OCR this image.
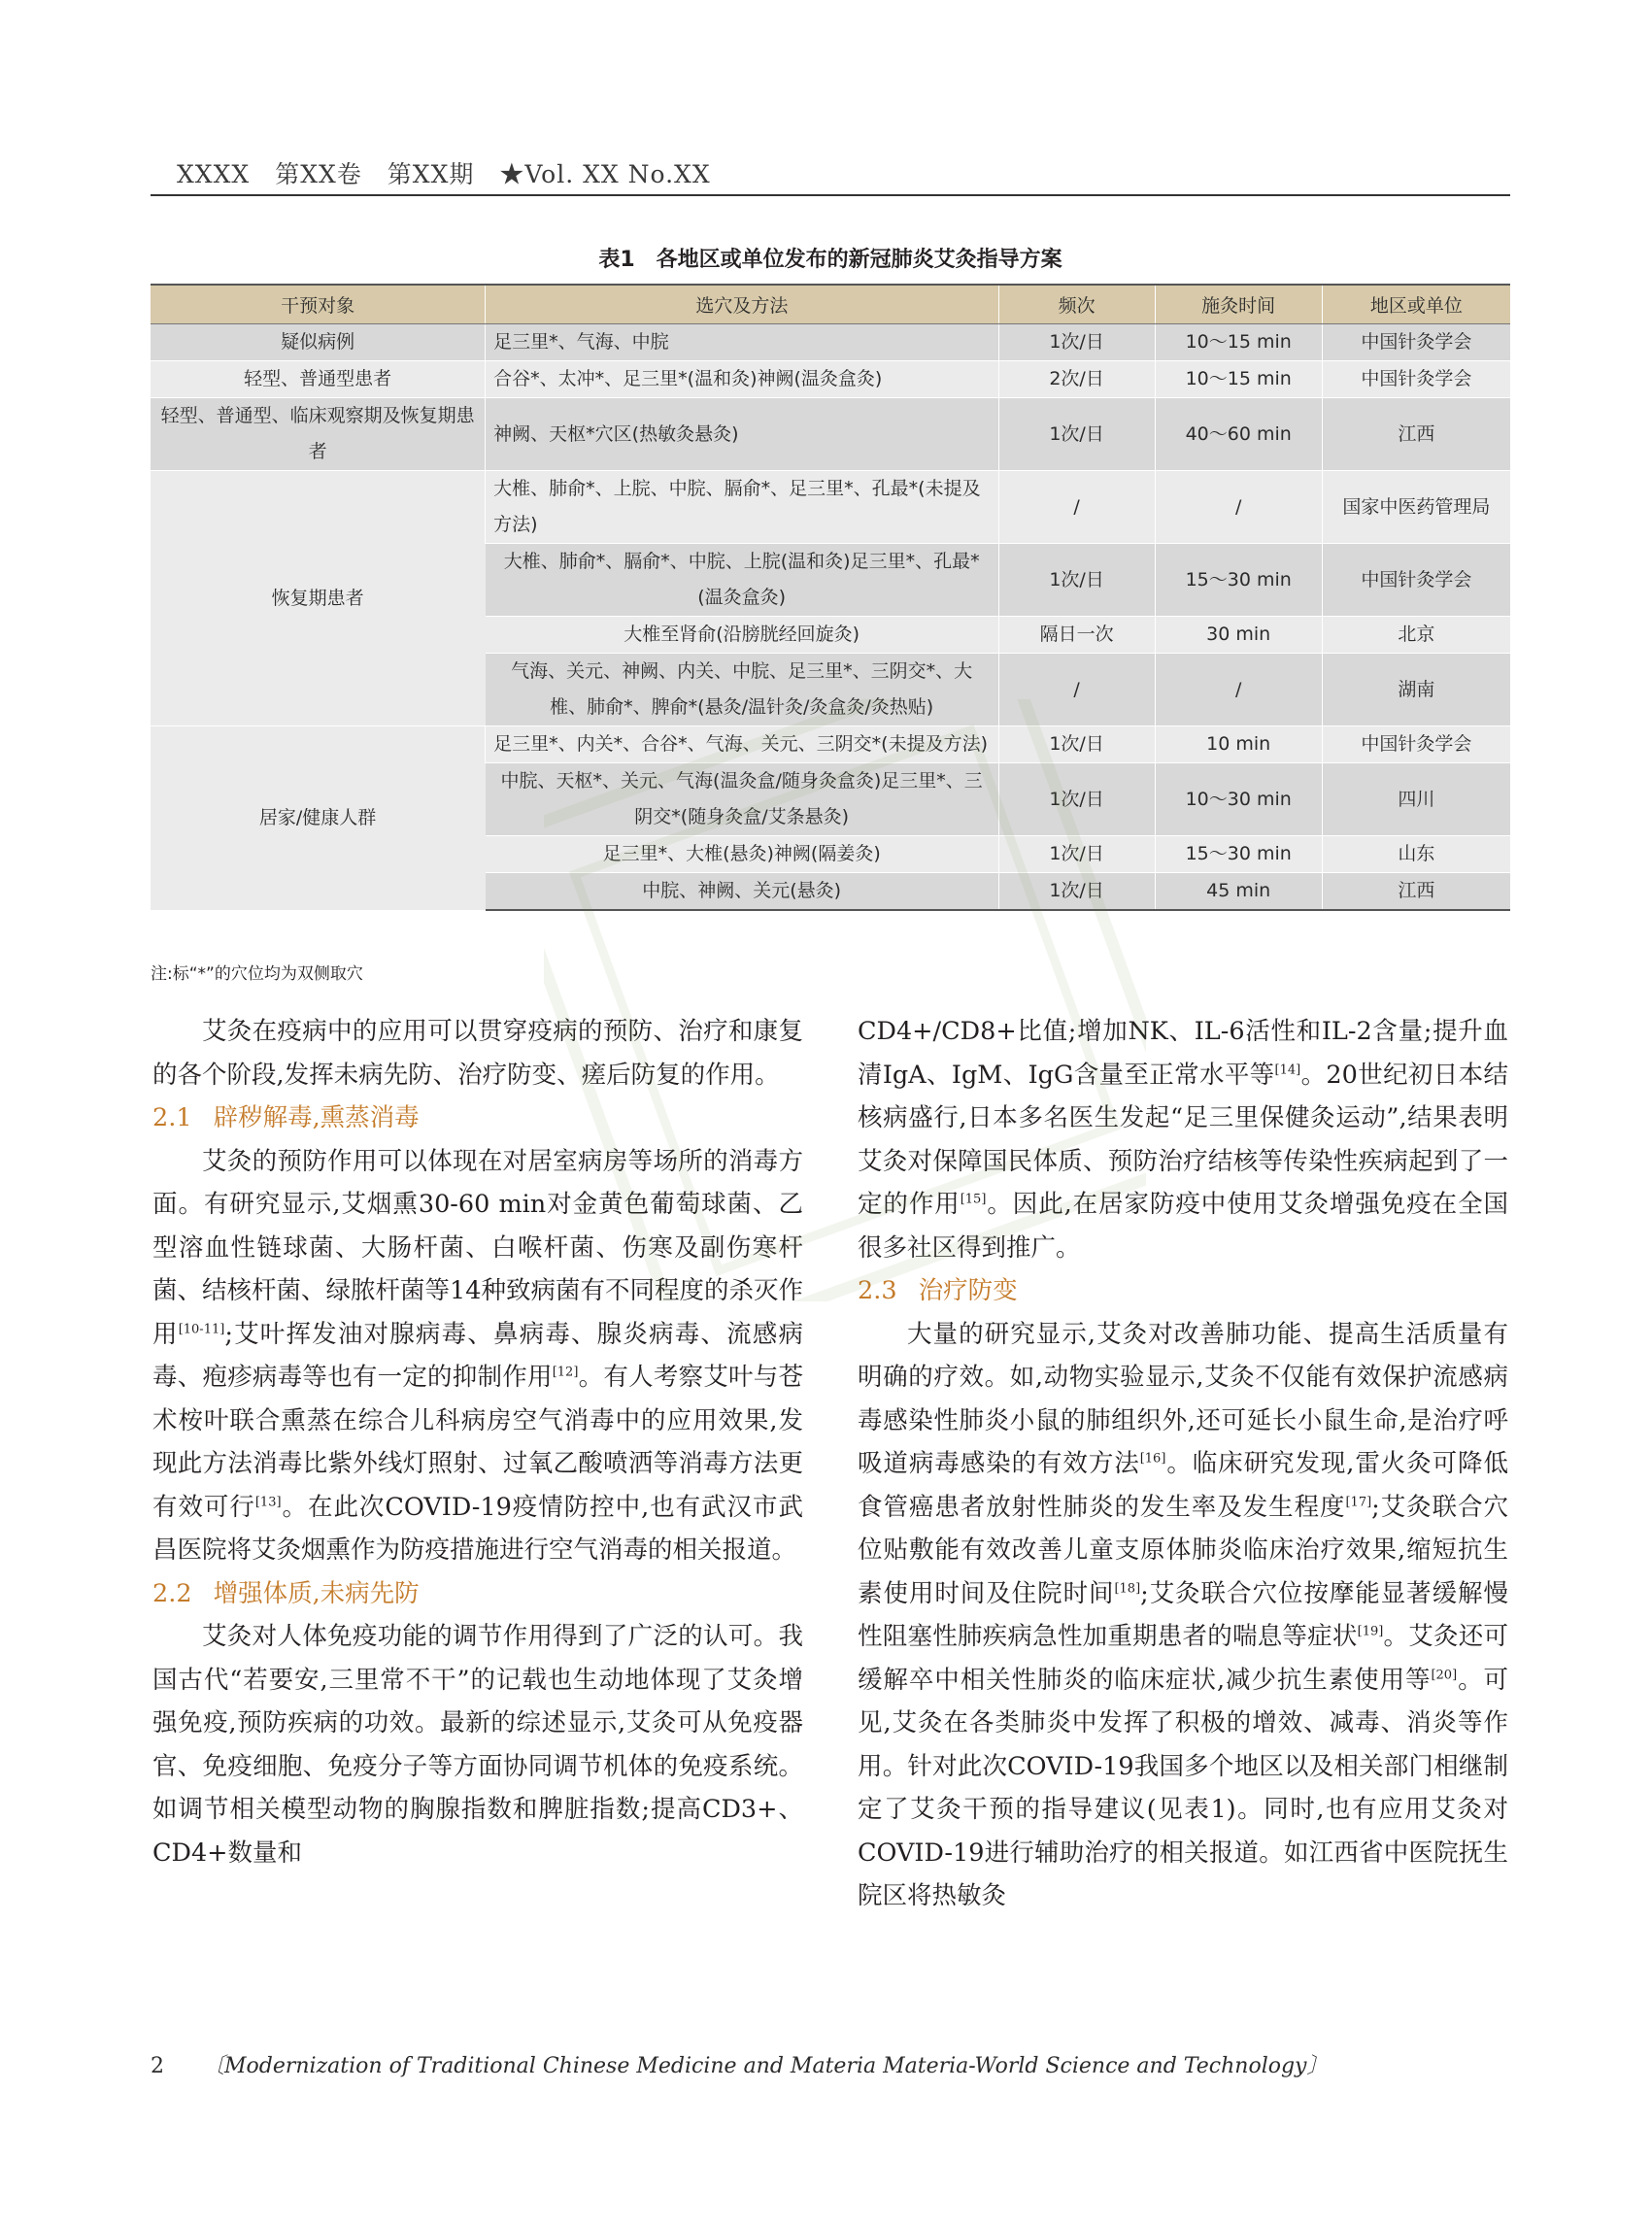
XXXX　第XX卷　第XX期　★Vol. XX No.XX
表1　各地区或单位发布的新冠肺炎艾灸指导方案
干预对象	选穴及方法	频次	施灸时间	地区或单位
疑似病例	足三里*、气海、中脘	1次/日	10～15 min	中国针灸学会
轻型、普通型患者	合谷*、太冲*、足三里*(温和灸)神阙(温灸盒灸)	2次/日	10～15 min	中国针灸学会
轻型、普通型、临床观察期及恢复期患者	神阙、天枢*穴区(热敏灸悬灸)	1次/日	40～60 min	江西
恢复期患者	大椎、肺俞*、上脘、中脘、膈俞*、足三里*、孔最*(未提及方法)	/	/	国家中医药管理局
	大椎、肺俞*、膈俞*、中脘、上脘(温和灸)足三里*、孔最*(温灸盒灸)	1次/日	15～30 min	中国针灸学会
	大椎至肾俞(沿膀胱经回旋灸)	隔日一次	30 min	北京
	气海、关元、神阙、内关、中脘、足三里*、三阴交*、大椎、肺俞*、脾俞*(悬灸/温针灸/灸盒灸/灸热贴)	/	/	湖南
居家/健康人群	足三里*、内关*、合谷*、气海、关元、三阴交*(未提及方法)	1次/日	10 min	中国针灸学会
	中脘、天枢*、关元、气海(温灸盒/随身灸盒灸)足三里*、三阴交*(随身灸盒/艾条悬灸)	1次/日	10～30 min	四川
	足三里*、大椎(悬灸)神阙(隔姜灸)	1次/日	15～30 min	山东
	中脘、神阙、关元(悬灸)	1次/日	45 min	江西
注:标“*”的穴位均为双侧取穴

艾灸在疫病中的应用可以贯穿疫病的预防、治疗和康复的各个阶段,发挥未病先防、治疗防变、瘥后防复的作用。

2.1 辟秽解毒,熏蒸消毒

艾灸的预防作用可以体现在对居室病房等场所的消毒方面。有研究显示,艾烟熏30-60 min对金黄色葡萄球菌、乙型溶血性链球菌、大肠杆菌、白喉杆菌、伤寒及副伤寒杆菌、结核杆菌、绿脓杆菌等14种致病菌有不同程度的杀灭作用[10-11];艾叶挥发油对腺病毒、鼻病毒、腺炎病毒、流感病毒、疱疹病毒等也有一定的抑制作用[12]。有人考察艾叶与苍术桉叶联合熏蒸在综合儿科病房空气消毒中的应用效果,发现此方法消毒比紫外线灯照射、过氧乙酸喷洒等消毒方法更有效可行[13]。在此次COVID-19疫情防控中,也有武汉市武昌医院将艾灸烟熏作为防疫措施进行空气消毒的相关报道。

2.2 增强体质,未病先防

艾灸对人体免疫功能的调节作用得到了广泛的认可。我国古代“若要安,三里常不干”的记载也生动地体现了艾灸增强免疫,预防疾病的功效。最新的综述显示,艾灸可从免疫器官、免疫细胞、免疫分子等方面协同调节机体的免疫系统。如调节相关模型动物的胸腺指数和脾脏指数;提高CD3+、CD4+数量和

CD4+/CD8+比值;增加NK、IL-6活性和IL-2含量;提升血清IgA、IgM、IgG含量至正常水平等[14]。20世纪初日本结核病盛行,日本多名医生发起“足三里保健灸运动”,结果表明艾灸对保障国民体质、预防治疗结核等传染性疾病起到了一定的作用[15]。因此,在居家防疫中使用艾灸增强免疫在全国很多社区得到推广。

2.3 治疗防变

大量的研究显示,艾灸对改善肺功能、提高生活质量有明确的疗效。如,动物实验显示,艾灸不仅能有效保护流感病毒感染性肺炎小鼠的肺组织外,还可延长小鼠生命,是治疗呼吸道病毒感染的有效方法[16]。临床研究发现,雷火灸可降低食管癌患者放射性肺炎的发生率及发生程度[17];艾灸联合穴位贴敷能有效改善儿童支原体肺炎临床治疗效果,缩短抗生素使用时间及住院时间[18];艾灸联合穴位按摩能显著缓解慢性阻塞性肺疾病急性加重期患者的喘息等症状[19]。艾灸还可缓解卒中相关性肺炎的临床症状,减少抗生素使用等[20]。可见,艾灸在各类肺炎中发挥了积极的增效、减毒、消炎等作用。针对此次COVID-19我国多个地区以及相关部门相继制定了艾灸干预的指导建议(见表1)。同时,也有应用艾灸对COVID-19进行辅助治疗的相关报道。如江西省中医院抚生院区将热敏灸

2 〔Modernization of Traditional Chinese Medicine and Materia Materia-World Science and Technology〕
